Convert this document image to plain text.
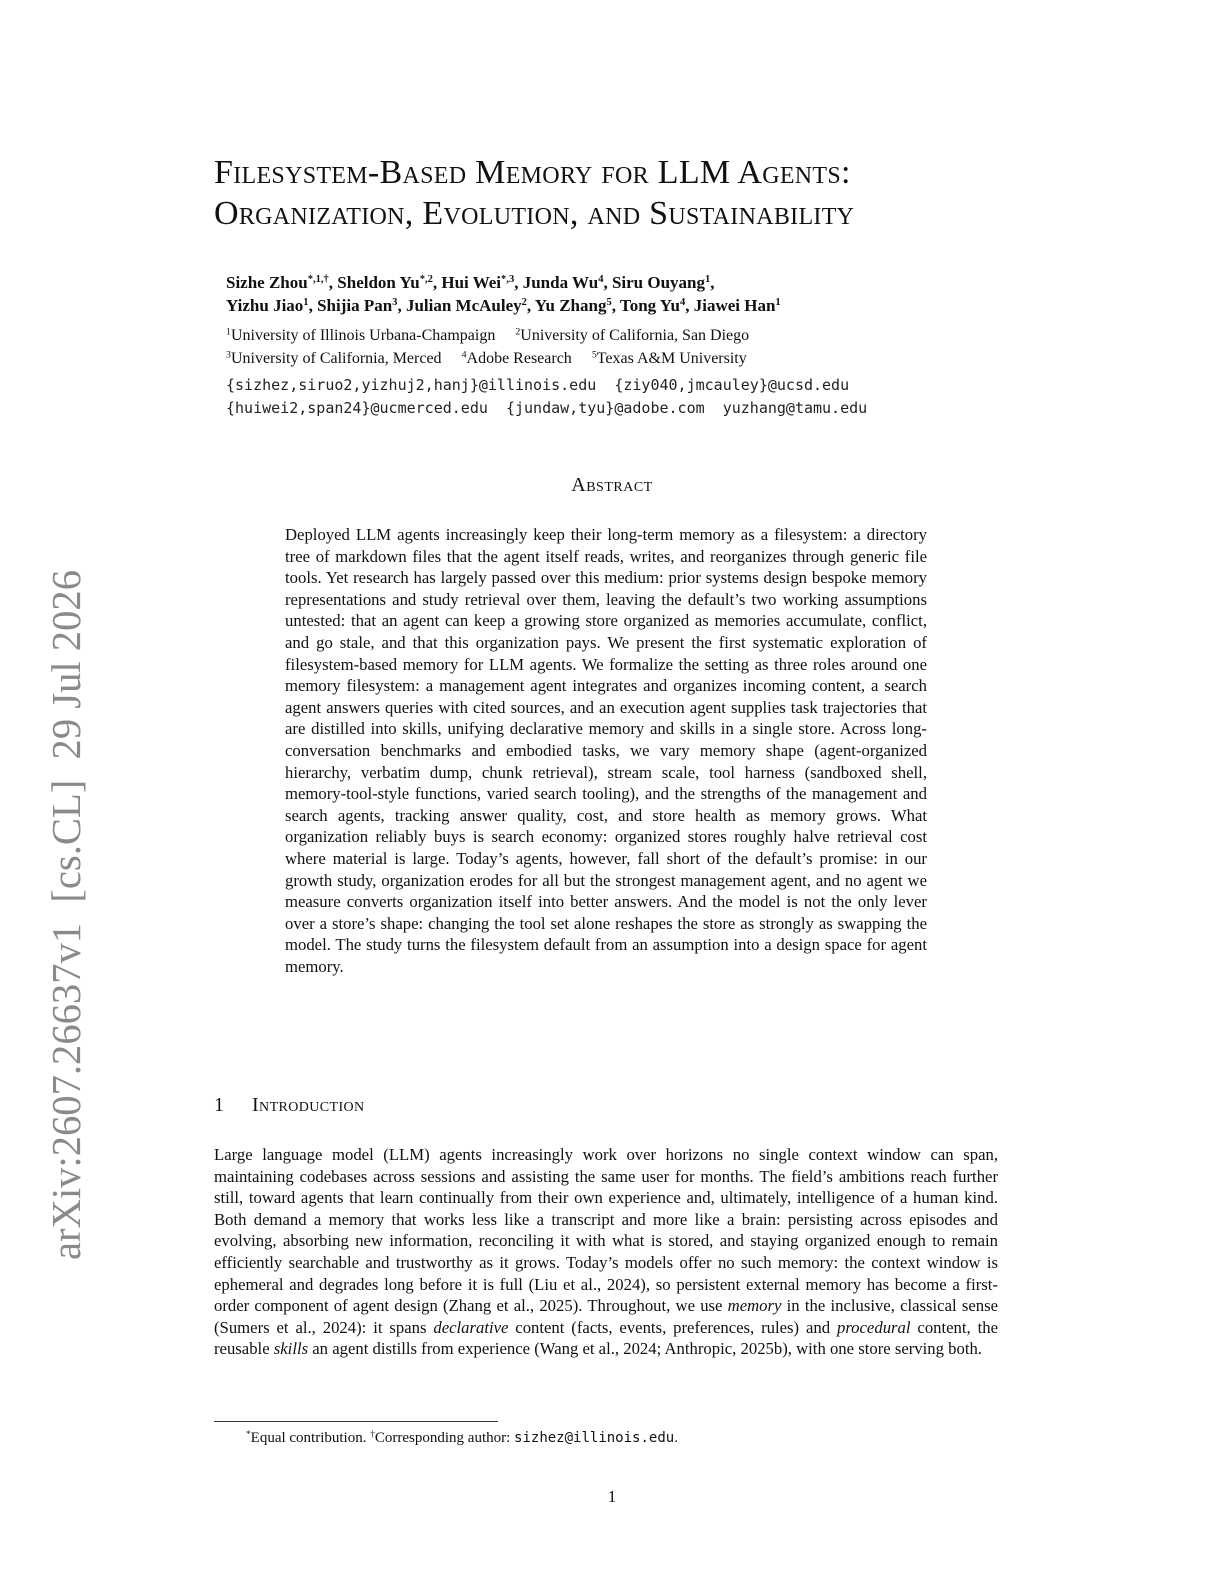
arXiv:2607.26637v1  [cs.CL]  29 Jul 2026
Filesystem-Based Memory for LLM Agents:
Organization, Evolution, and Sustainability
Sizhe Zhou$^{*,1,\dagger}$, Sheldon $Yu^{*,2}$, Hui Wei$^{*,3}$, Junda Wu$^4$, Siru Ouyang$^1$,
Yizhu Jiao$^1$, Shijia Pan$^3$, Julian McAuley$^2$, Yu Zhang$^5$, Tong Yu$^4$, Jiawei Han$^1$
$^1$University of Illinois Urbana-Champaign $^2$University of California, San Diego
$^3$University of California, Merced $^4$Adobe Research $^5$Texas A&M University
{sizhez,siruo2,yizhuj2,hanj}@illinois.edu  {ziy040,jmcauley}@ucsd.edu
{huiwei2,span24}@ucmerced.edu  {jundaw,tyu}@adobe.com  yuzhang@tamu.edu
Abstract

Deployed LLM agents increasingly keep their long-term memory as a filesystem: a directory tree of markdown files that the agent itself reads, writes, and reorganizes through generic file tools. Yet research has largely passed over this medium: prior systems design bespoke memory representations and study retrieval over them, leaving the default’s two working assumptions untested: that an agent can keep a growing store organized as memories accumulate, conflict, and go stale, and that this organization pays. We present the first systematic exploration of filesystem-based memory for LLM agents. We formalize the setting as three roles around one memory filesystem: a management agent integrates and organizes incoming content, a search agent answers queries with cited sources, and an execution agent supplies task trajectories that are distilled into skills, unifying declarative memory and skills in a single store. Across long-conversation benchmarks and embodied tasks, we vary memory shape (agent-organized hierarchy, verbatim dump, chunk retrieval), stream scale, tool harness (sandboxed shell, memory-tool-style functions, varied search tooling), and the strengths of the management and search agents, tracking answer quality, cost, and store health as memory grows. What organization reliably buys is search economy: organized stores roughly halve retrieval cost where material is large. Today’s agents, however, fall short of the default’s promise: in our growth study, organization erodes for all but the strongest management agent, and no agent we measure converts organization itself into better answers. And the model is not the only lever over a store’s shape: changing the tool set alone reshapes the store as strongly as swapping the model. The study turns the filesystem default from an assumption into a design space for agent memory.

1 Introduction

Large language model (LLM) agents increasingly work over horizons no single context window can span, maintaining codebases across sessions and assisting the same user for months. The field’s ambitions reach further still, toward agents that learn continually from their own experience and, ultimately, intelligence of a human kind. Both demand a memory that works less like a transcript and more like a brain: persisting across episodes and evolving, absorbing new information, reconciling it with what is stored, and staying organized enough to remain efficiently searchable and trustworthy as it grows. Today’s models offer no such memory: the context window is ephemeral and degrades long before it is full (Liu et al., 2024), so persistent external memory has become a first-order component of agent design (Zhang et al., 2025). Throughout, we use memory in the inclusive, classical sense (Sumers et al., 2024): it spans declarative content (facts, events, preferences, rules) and procedural content, the reusable skills an agent distills from experience (Wang et al., 2024; Anthropic, 2025b), with one store serving both.

*Equal contribution. †Corresponding author: sizhez@illinois.edu.
1
